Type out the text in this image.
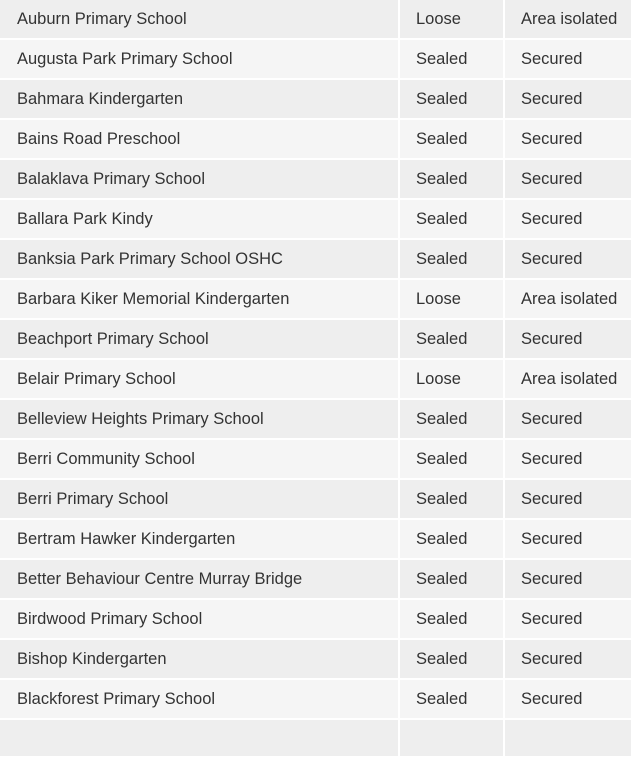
Auburn Primary School	Loose	Area isolated
Augusta Park Primary School	Sealed	Secured
Bahmara Kindergarten	Sealed	Secured
Bains Road Preschool	Sealed	Secured
Balaklava Primary School	Sealed	Secured
Ballara Park Kindy	Sealed	Secured
Banksia Park Primary School OSHC	Sealed	Secured
Barbara Kiker Memorial Kindergarten	Loose	Area isolated
Beachport Primary School	Sealed	Secured
Belair Primary School	Loose	Area isolated
Belleview Heights Primary School	Sealed	Secured
Berri Community School	Sealed	Secured
Berri Primary School	Sealed	Secured
Bertram Hawker Kindergarten	Sealed	Secured
Better Behaviour Centre Murray Bridge	Sealed	Secured
Birdwood Primary School	Sealed	Secured
Bishop Kindergarten	Sealed	Secured
Blackforest Primary School	Sealed	Secured
